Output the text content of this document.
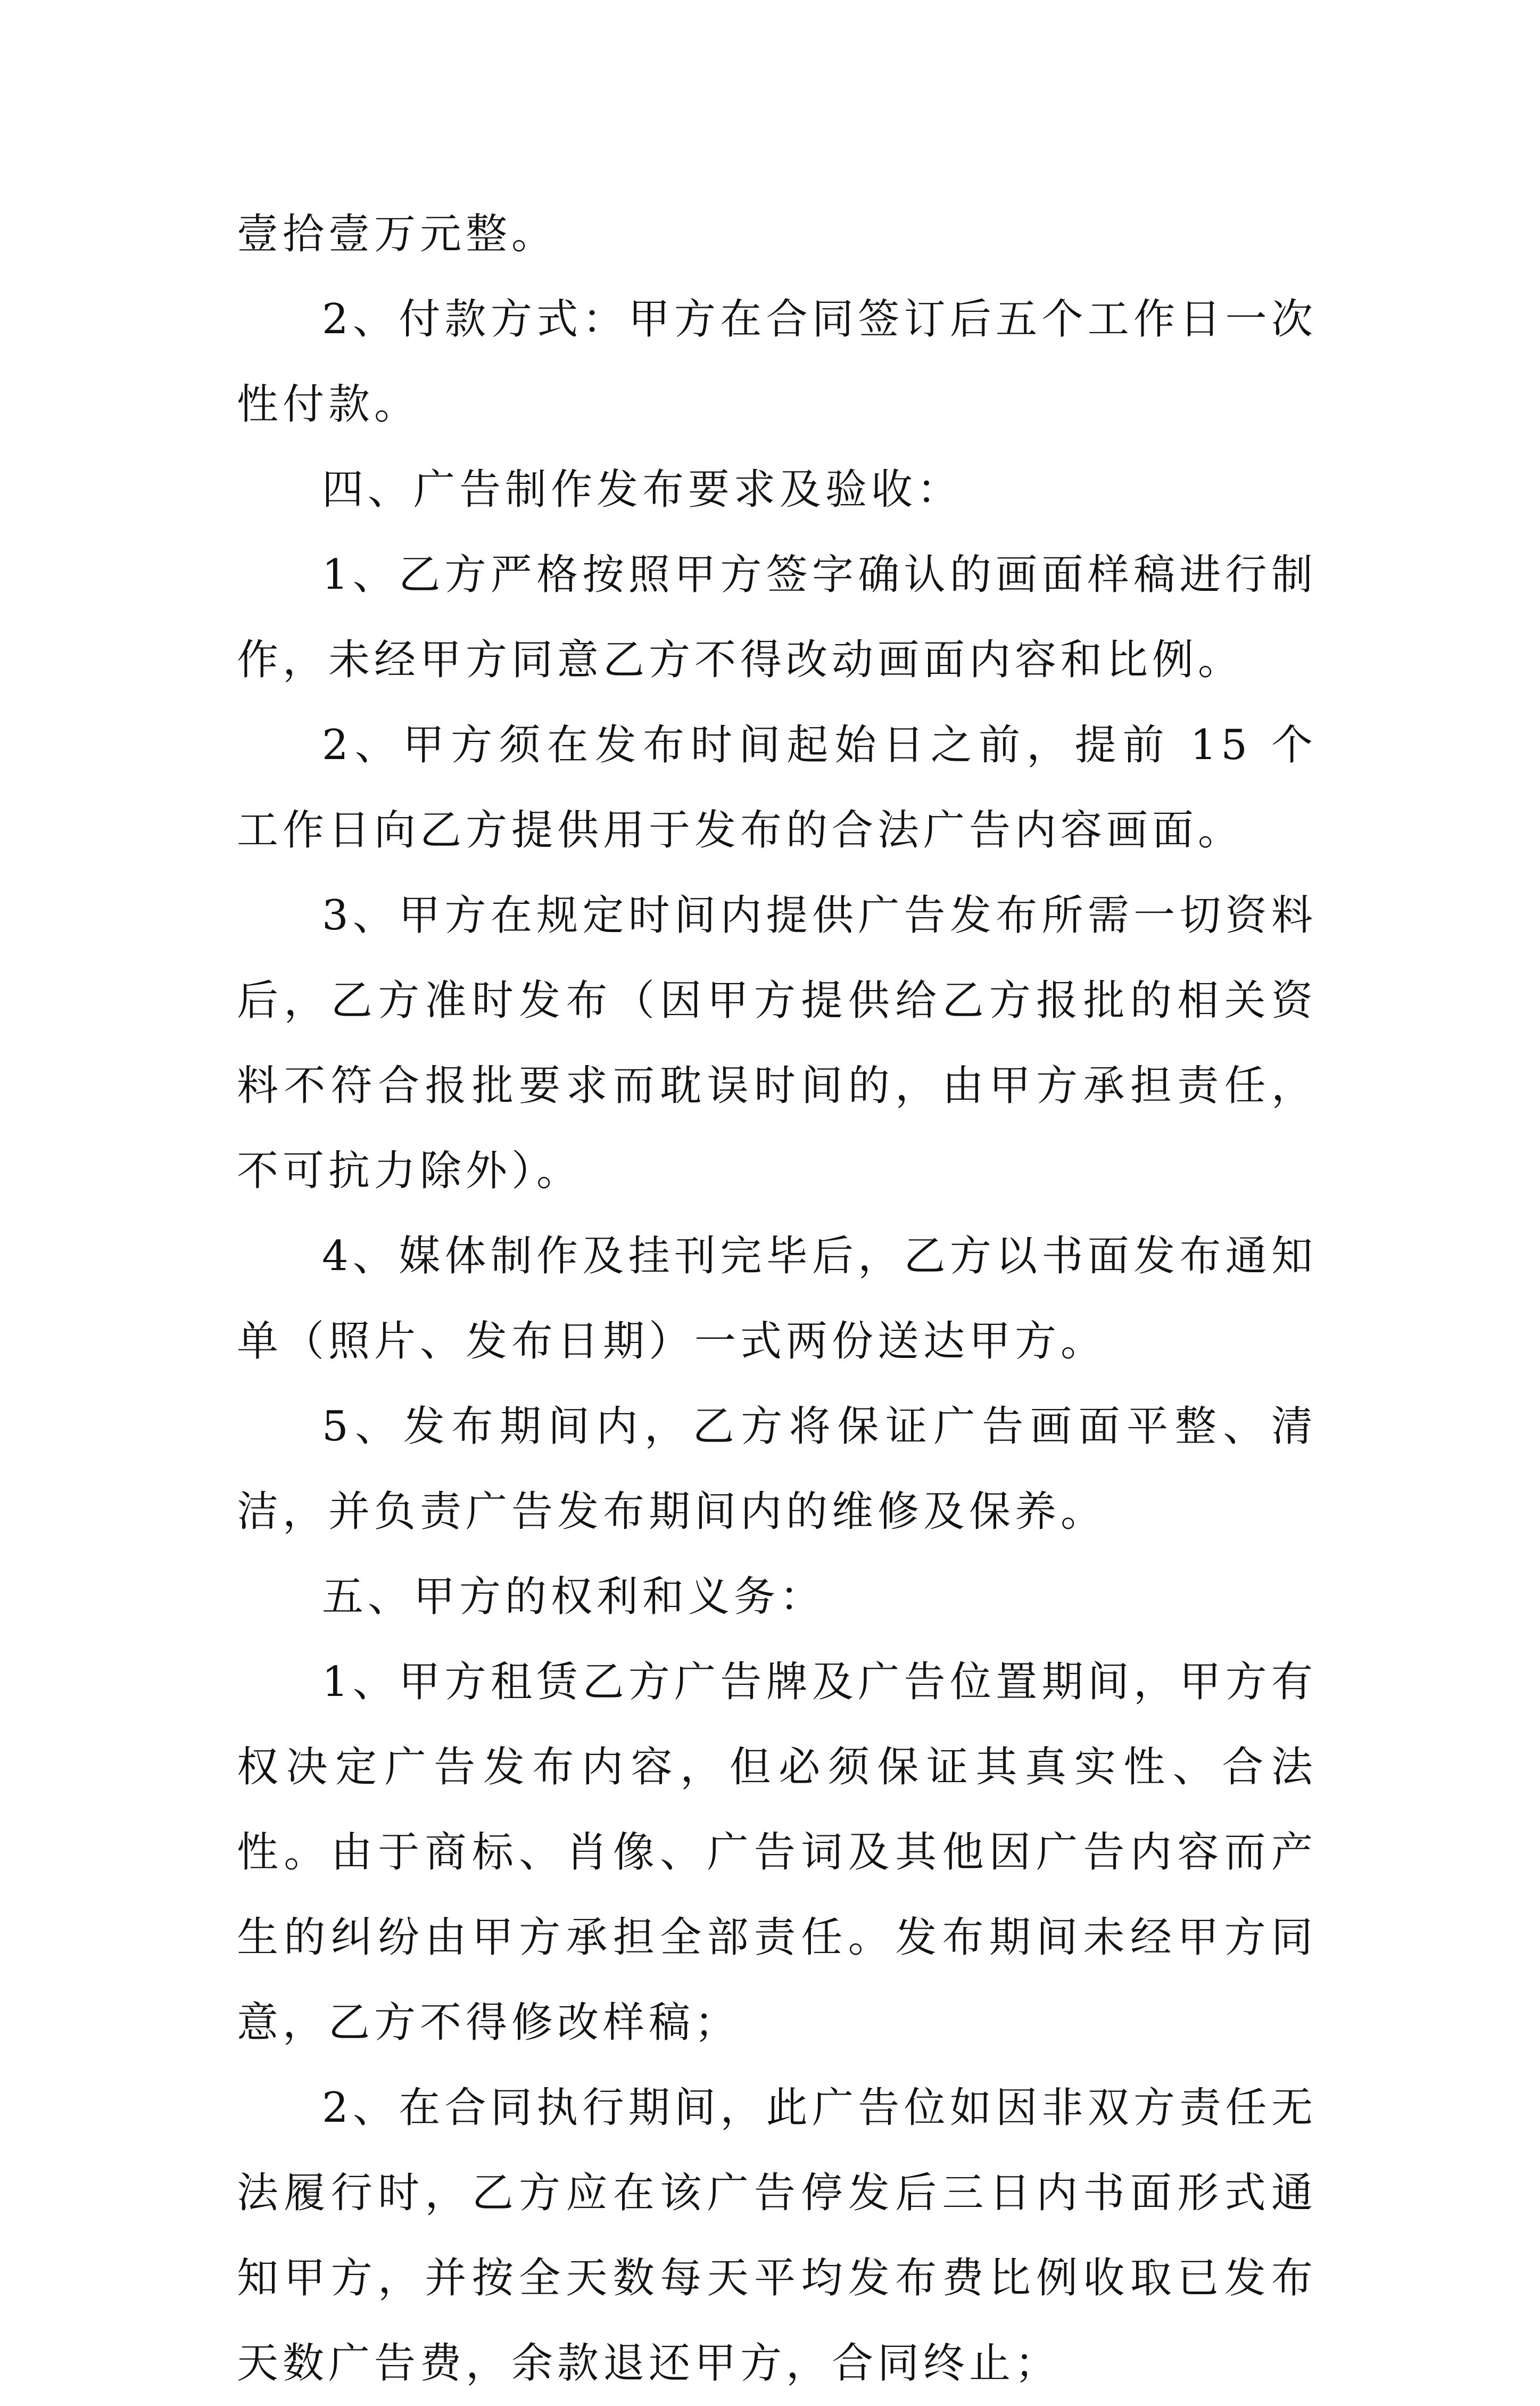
壹拾壹万元整。

2、付款方式：甲方在合同签订后五个工作日一次性付款。

四、广告制作发布要求及验收：

1、乙方严格按照甲方签字确认的画面样稿进行制作，未经甲方同意乙方不得改动画面内容和比例。

2、甲方须在发布时间起始日之前，提前 15 个工作日向乙方提供用于发布的合法广告内容画面。

3、甲方在规定时间内提供广告发布所需一切资料后，乙方准时发布（因甲方提供给乙方报批的相关资料不符合报批要求而耽误时间的，由甲方承担责任，不可抗力除外）。

4、媒体制作及挂刊完毕后，乙方以书面发布通知单（照片、发布日期）一式两份送达甲方。

5、发布期间内，乙方将保证广告画面平整、清洁，并负责广告发布期间内的维修及保养。

五、甲方的权利和义务：

1、甲方租赁乙方广告牌及广告位置期间，甲方有权决定广告发布内容，但必须保证其真实性、合法性。由于商标、肖像、广告词及其他因广告内容而产生的纠纷由甲方承担全部责任。发布期间未经甲方同意，乙方不得修改样稿；

2、在合同执行期间，此广告位如因非双方责任无法履行时，乙方应在该广告停发后三日内书面形式通知甲方，并按全天数每天平均发布费比例收取已发布天数广告费，余款退还甲方，合同终止；
